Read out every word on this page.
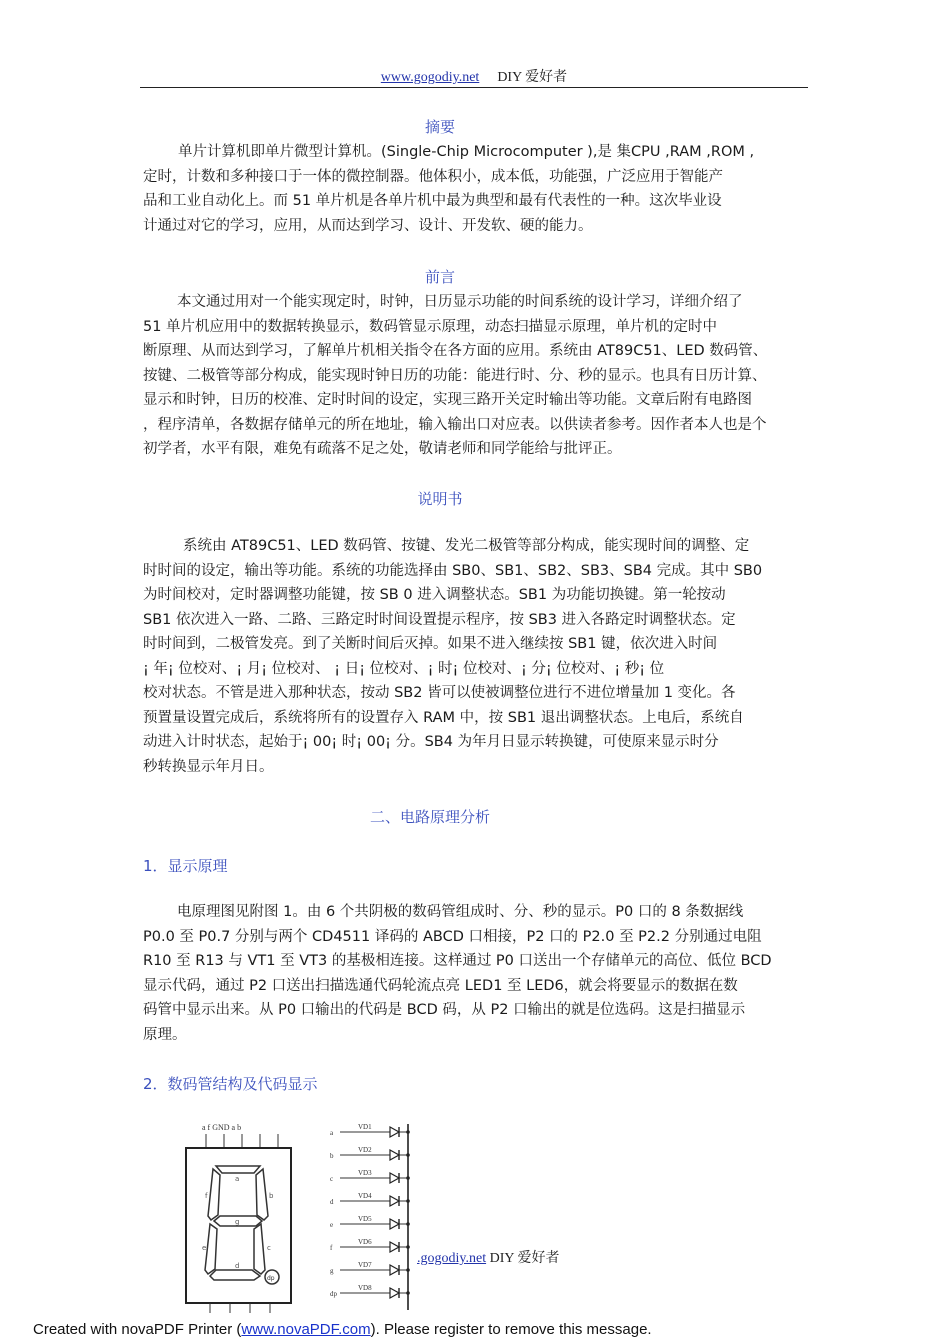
www.gogodiy.net DIY 爱好者
摘要
单片计算机即单片微型计算机。(Single-Chip Microcomputer ),是 集CPU ,RAM ,ROM ,
定时，计数和多种接口于一体的微控制器。他体积小，成本低，功能强，广泛应用于智能产
品和工业自动化上。而 51 单片机是各单片机中最为典型和最有代表性的一种。这次毕业设
计通过对它的学习，应用，从而达到学习、设计、开发软、硬的能力。
前言
本文通过用对一个能实现定时，时钟，日历显示功能的时间系统的设计学习，详细介绍了
51 单片机应用中的数据转换显示，数码管显示原理，动态扫描显示原理，单片机的定时中
断原理、从而达到学习，了解单片机相关指令在各方面的应用。系统由 AT89C51、LED 数码管、
按键、二极管等部分构成，能实现时钟日历的功能：能进行时、分、秒的显示。也具有日历计算、
显示和时钟，日历的校准、定时时间的设定，实现三路开关定时输出等功能。文章后附有电路图
，程序清单，各数据存储单元的所在地址，输入输出口对应表。以供读者参考。因作者本人也是个
初学者，水平有限，难免有疏落不足之处，敬请老师和同学能给与批评正。
说明书
系统由 AT89C51、LED 数码管、按键、发光二极管等部分构成，能实现时间的调整、定
时时间的设定，输出等功能。系统的功能选择由 SB0、SB1、SB2、SB3、SB4 完成。其中 SB0
为时间校对，定时器调整功能键，按 SB 0 进入调整状态。SB1 为功能切换键。第一轮按动
SB1 依次进入一路、二路、三路定时时间设置提示程序，按 SB3 进入各路定时调整状态。定
时时间到，二极管发亮。到了关断时间后灭掉。如果不进入继续按 SB1 键，依次进入时间
¡ 年¡ 位校对、¡ 月¡ 位校对、 ¡ 日¡ 位校对、¡ 时¡ 位校对、¡ 分¡ 位校对、¡ 秒¡ 位
校对状态。不管是进入那种状态，按动 SB2 皆可以使被调整位进行不进位增量加 1 变化。各
预置量设置完成后，系统将所有的设置存入 RAM 中，按 SB1 退出调整状态。上电后，系统自
动进入计时状态，起始于¡ 00¡ 时¡ 00¡ 分。SB4 为年月日显示转换键，可使原来显示时分
秒转换显示年月日。
二、电路原理分析
1．显示原理
电原理图见附图 1。由 6 个共阴极的数码管组成时、分、秒的显示。P0 口的 8 条数据线
P0.0 至 P0.7 分别与两个 CD4511 译码的 ABCD 口相接，P2 口的 P2.0 至 P2.2 分别通过电阻
R10 至 R13 与 VT1 至 VT3 的基极相连接。这样通过 P0 口送出一个存储单元的高位、低位 BCD
显示代码，通过 P2 口送出扫描选通代码轮流点亮 LED1 至 LED6，就会将要显示的数据在数
码管中显示出来。从 P0 口输出的代码是 BCD 码，从 P2 口输出的就是位选码。这是扫描显示
原理。
2．数码管结构及代码显示
a f GND a b
a
f	b
g
e	c
d
dp
a
VD1
b
VD2
c
VD3
d
VD4
e
VD5
f
VD6
g
VD7
dp
VD8
.gogodiy.net DIY 爱好者
Created with novaPDF Printer (www.novaPDF.com). Please register to remove this message.
